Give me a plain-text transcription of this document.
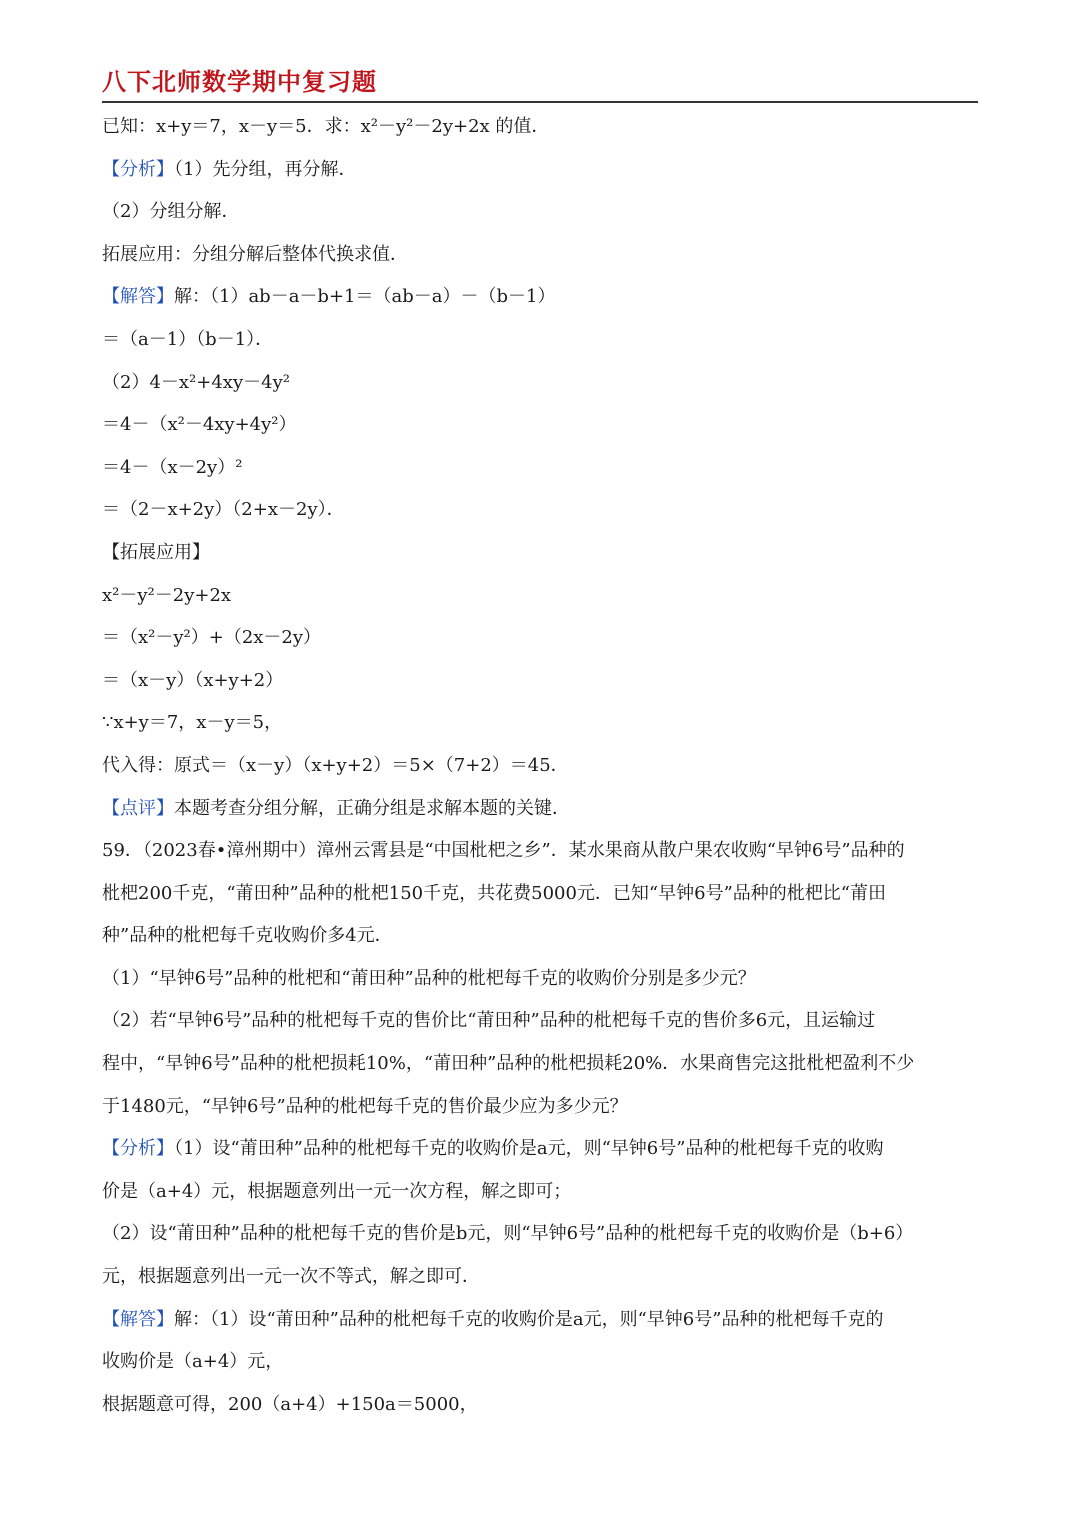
八下北师数学期中复习题
已知：x+y＝7，x－y＝5．求：x²－y²－2y+2x 的值．
【分析】（1）先分组，再分解．
（2）分组分解．
拓展应用：分组分解后整体代换求值．
【解答】解：（1）ab－a－b+1＝（ab－a）－（b－1）
＝（a－1）（b－1）．
（2）4－x²+4xy－4y²
＝4－（x²－4xy+4y²）
＝4－（x－2y）²
＝（2－x+2y）（2+x－2y）．
【拓展应用】
x²－y²－2y+2x
＝（x²－y²）+（2x－2y）
＝（x－y）（x+y+2）
∵x+y＝7，x－y＝5，
代入得：原式＝（x－y）（x+y+2）＝5×（7+2）＝45．
【点评】本题考查分组分解，正确分组是求解本题的关键．
59．（2023春•漳州期中）漳州云霄县是“中国枇杷之乡”．某水果商从散户果农收购“早钟6号”品种的
枇杷200千克，“莆田种”品种的枇杷150千克，共花费5000元．已知“早钟6号”品种的枇杷比“莆田
种”品种的枇杷每千克收购价多4元．
（1）“早钟6号”品种的枇杷和“莆田种”品种的枇杷每千克的收购价分别是多少元？
（2）若“早钟6号”品种的枇杷每千克的售价比“莆田种”品种的枇杷每千克的售价多6元，且运输过
程中，“早钟6号”品种的枇杷损耗10%，“莆田种”品种的枇杷损耗20%．水果商售完这批枇杷盈利不少
于1480元，“早钟6号”品种的枇杷每千克的售价最少应为多少元？
【分析】（1）设“莆田种”品种的枇杷每千克的收购价是a元，则“早钟6号”品种的枇杷每千克的收购
价是（a+4）元，根据题意列出一元一次方程，解之即可；
（2）设“莆田种”品种的枇杷每千克的售价是b元，则“早钟6号”品种的枇杷每千克的收购价是（b+6）
元，根据题意列出一元一次不等式，解之即可．
【解答】解：（1）设“莆田种”品种的枇杷每千克的收购价是a元，则“早钟6号”品种的枇杷每千克的
收购价是（a+4）元，
根据题意可得，200（a+4）+150a＝5000，
